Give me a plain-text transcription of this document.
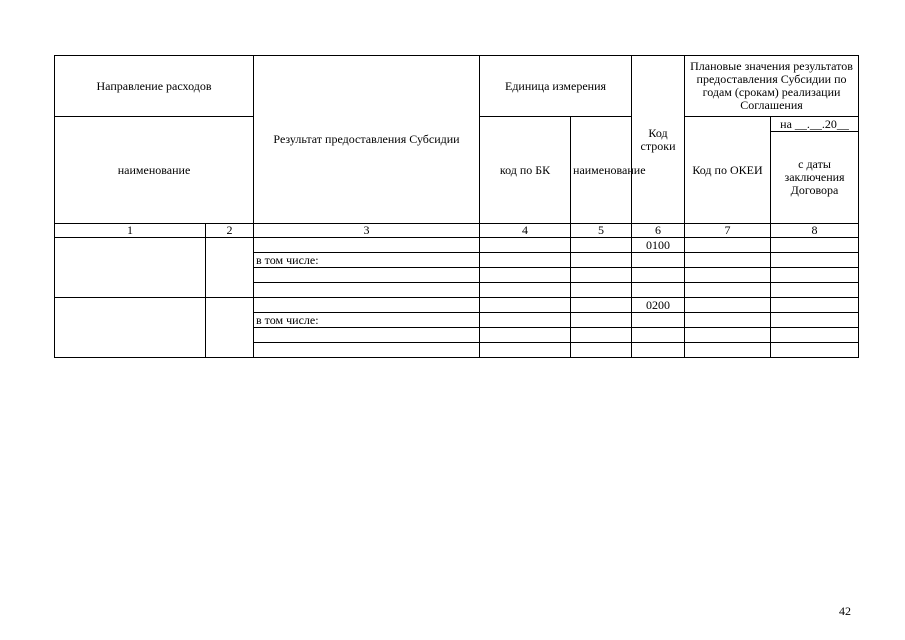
Направление расходов		Результат предоставления Субсидии	Единица измерения		Код строки	Плановые значения результатов предоставления Субсидии по годам (срокам) реализации Соглашения		
наименование			код по БК	наименование		Код по ОКЕИ	на __.__.20__	
							с даты заключения Договора	
1	2	3	4	5	6	7	8	
					0100			
		в том числе:						

					0200			
		в том числе:						

42
